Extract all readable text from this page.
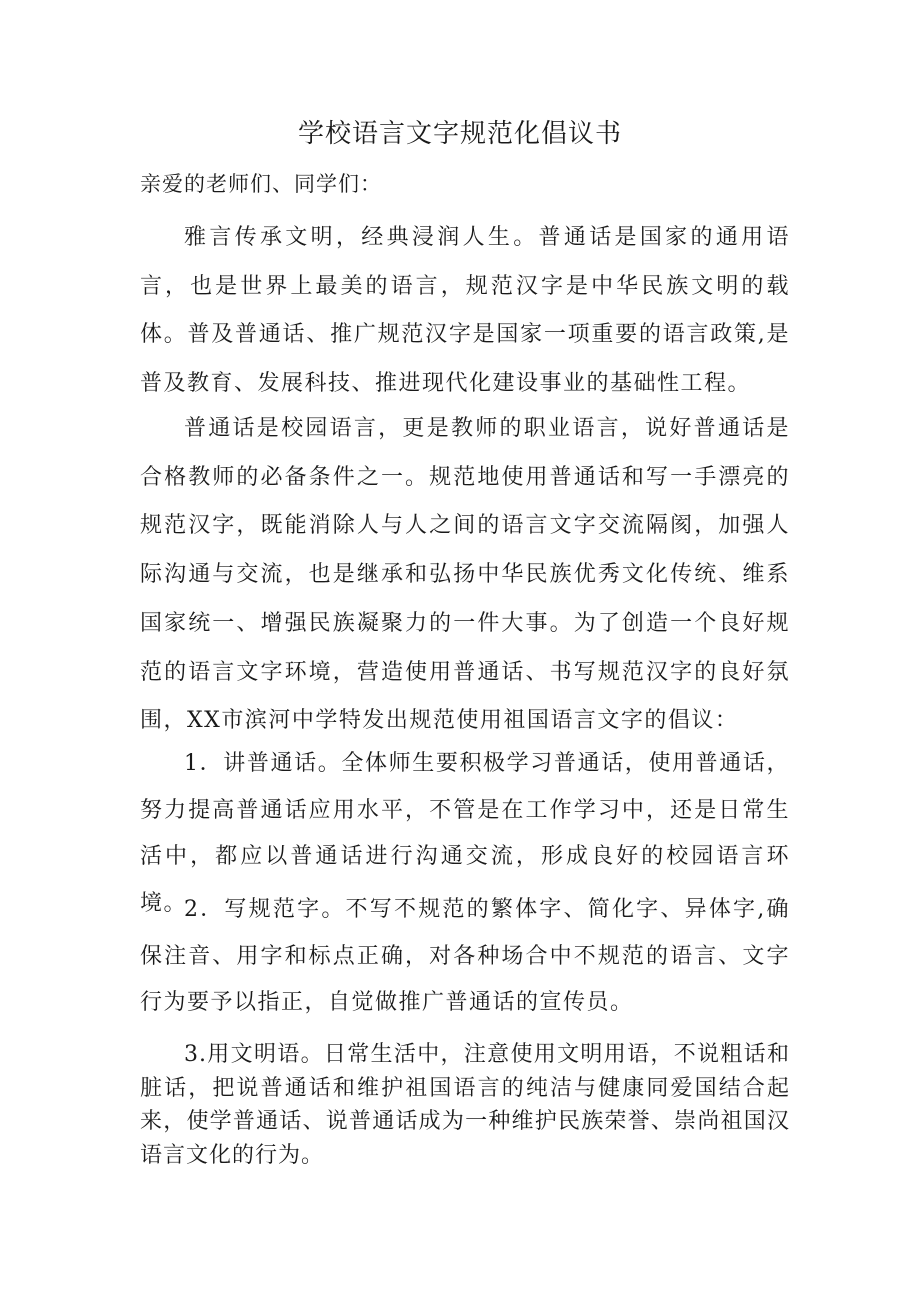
学校语言文字规范化倡议书
亲爱的老师们、同学们：

雅言传承文明，经典浸润人生。普通话是国家的通用语言，也是世界上最美的语言，规范汉字是中华民族文明的载体。普及普通话、推广规范汉字是国家一项重要的语言政策,是普及教育、发展科技、推进现代化建设事业的基础性工程。

普通话是校园语言，更是教师的职业语言，说好普通话是合格教师的必备条件之一。规范地使用普通话和写一手漂亮的规范汉字，既能消除人与人之间的语言文字交流隔阂，加强人际沟通与交流，也是继承和弘扬中华民族优秀文化传统、维系国家统一、增强民族凝聚力的一件大事。为了创造一个良好规范的语言文字环境，营造使用普通话、书写规范汉字的良好氛围，XX市滨河中学特发出规范使用祖国语言文字的倡议：

1．讲普通话。全体师生要积极学习普通话，使用普通话，努力提高普通话应用水平，不管是在工作学习中，还是日常生活中，都应以普通话进行沟通交流，形成良好的校园语言环境。

2．写规范字。不写不规范的繁体字、简化字、异体字,确保注音、用字和标点正确，对各种场合中不规范的语言、文字行为要予以指正，自觉做推广普通话的宣传员。

3.用文明语。日常生活中，注意使用文明用语，不说粗话和脏话，把说普通话和维护祖国语言的纯洁与健康同爱国结合起来，使学普通话、说普通话成为一种维护民族荣誉、崇尚祖国汉语言文化的行为。
